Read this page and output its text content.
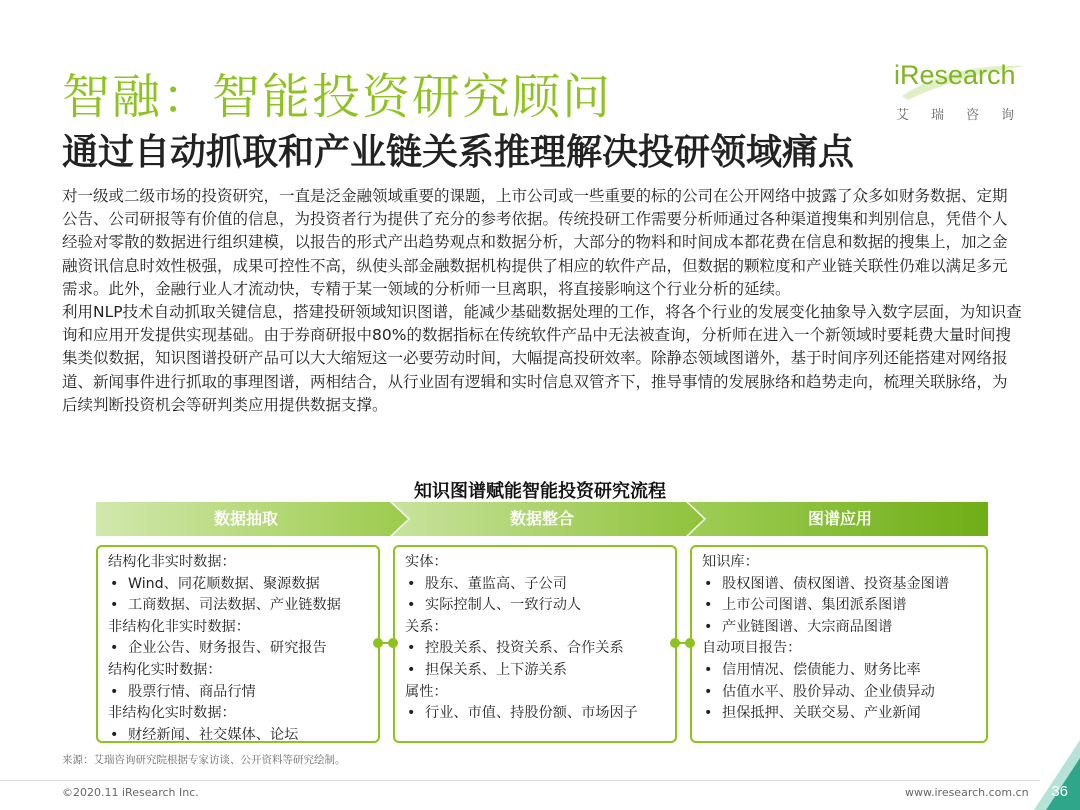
智融：智能投资研究顾问
通过自动抓取和产业链关系推理解决投研领域痛点
iResearch
艾瑞咨询

对一级或二级市场的投资研究，一直是泛金融领域重要的课题，上市公司或一些重要的标的公司在公开网络中披露了众多如财务数据、定期公告、公司研报等有价值的信息，为投资者行为提供了充分的参考依据。传统投研工作需要分析师通过各种渠道搜集和判别信息，凭借个人经验对零散的数据进行组织建模，以报告的形式产出趋势观点和数据分析，大部分的物料和时间成本都花费在信息和数据的搜集上，加之金融资讯信息时效性极强，成果可控性不高，纵使头部金融数据机构提供了相应的软件产品，但数据的颗粒度和产业链关联性仍难以满足多元需求。此外，金融行业人才流动快，专精于某一领域的分析师一旦离职，将直接影响这个行业分析的延续。

利用NLP技术自动抓取关键信息，搭建投研领域知识图谱，能减少基础数据处理的工作，将各个行业的发展变化抽象导入数字层面，为知识查询和应用开发提供实现基础。由于券商研报中80%的数据指标在传统软件产品中无法被查询，分析师在进入一个新领域时要耗费大量时间搜集类似数据，知识图谱投研产品可以大大缩短这一必要劳动时间，大幅提高投研效率。除静态领域图谱外，基于时间序列还能搭建对网络报道、新闻事件进行抓取的事理图谱，两相结合，从行业固有逻辑和实时信息双管齐下，推导事情的发展脉络和趋势走向，梳理关联脉络，为后续判断投资机会等研判类应用提供数据支撑。

知识图谱赋能智能投资研究流程
数据抽取	数据整合	图谱应用
结构化非实时数据：
• Wind、同花顺数据、聚源数据
• 工商数据、司法数据、产业链数据
非结构化非实时数据：
• 企业公告、财务报告、研究报告
结构化实时数据：
• 股票行情、商品行情
非结构化实时数据：
• 财经新闻、社交媒体、论坛
实体：
• 股东、董监高、子公司
• 实际控制人、一致行动人
关系：
• 控股关系、投资关系、合作关系
• 担保关系、上下游关系
属性：
• 行业、市值、持股份额、市场因子
知识库：
• 股权图谱、债权图谱、投资基金图谱
• 上市公司图谱、集团派系图谱
• 产业链图谱、大宗商品图谱
自动项目报告：
• 信用情况、偿债能力、财务比率
• 估值水平、股价异动、企业债异动
• 担保抵押、关联交易、产业新闻
来源：艾瑞咨询研究院根据专家访谈、公开资料等研究绘制。
©2020.11 iResearch Inc.	www.iresearch.com.cn 36
